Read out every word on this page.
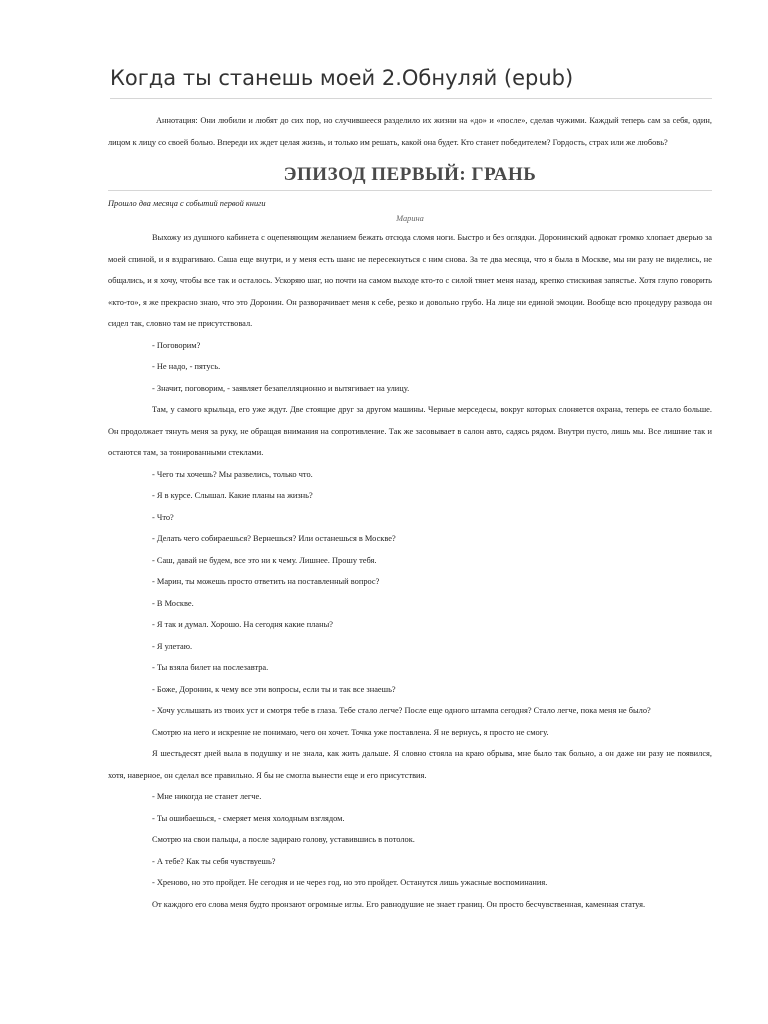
Когда ты станешь моей 2.Обнуляй (epub)

Аннотация: Они любили и любят до сих пор, но случившееся разделило их жизни на «до» и «после», сделав чужими. Каждый теперь сам за себя, один, лицом к лицу со своей болью. Впереди их ждет целая жизнь, и только им решать, какой она будет. Кто станет победителем? Гордость, страх или же любовь?

ЭПИЗОД ПЕРВЫЙ: ГРАНЬ

Прошло два месяца с событий первой книги

Марина

Выхожу из душного кабинета с оцепеняющим желанием бежать отсюда сломя ноги. Быстро и без оглядки. Доронинский адвокат громко хлопает дверью за моей спиной, и я вздрагиваю. Саша еще внутри, и у меня есть шанс не пересекнуться с ним снова. За те два месяца, что я была в Москве, мы ни разу не виделись, не общались, и я хочу, чтобы все так и осталось. Ускоряю шаг, но почти на самом выходе кто-то с силой тянет меня назад, крепко стискивая запястье. Хотя глупо говорить «кто-то», я же прекрасно знаю, что это Доронин. Он разворачивает меня к себе, резко и довольно грубо. На лице ни единой эмоции. Вообще всю процедуру развода он сидел так, словно там не присутствовал.

- Поговорим?

- Не надо, - пятусь.

- Значит, поговорим, - заявляет безапелляционно и вытягивает на улицу.

Там, у самого крыльца, его уже ждут. Две стоящие друг за другом машины. Черные мерседесы, вокруг которых слоняется охрана, теперь ее стало больше. Он продолжает тянуть меня за руку, не обращая внимания на сопротивление. Так же засовывает в салон авто, садясь рядом. Внутри пусто, лишь мы. Все лишние так и остаются там, за тонированными стеклами.

- Чего ты хочешь? Мы развелись, только что.

- Я в курсе. Слышал. Какие планы на жизнь?

- Что?

- Делать чего собираешься? Вернешься? Или останешься в Москве?

- Саш, давай не будем, все это ни к чему. Лишнее. Прошу тебя.

- Марин, ты можешь просто ответить на поставленный вопрос?

- В Москве.

- Я так и думал. Хорошо. На сегодня какие планы?

- Я улетаю.

- Ты взяла билет на послезавтра.

- Боже, Доронин, к чему все эти вопросы, если ты и так все знаешь?

- Хочу услышать из твоих уст и смотря тебе в глаза. Тебе стало легче? После еще одного штампа сегодня? Стало легче, пока меня не было?

Смотрю на него и искренне не понимаю, чего он хочет. Точка уже поставлена. Я не вернусь, я просто не смогу.

Я шестьдесят дней выла в подушку и не знала, как жить дальше. Я словно стояла на краю обрыва, мне было так больно, а он даже ни разу не появился, хотя, наверное, он сделал все правильно. Я бы не смогла вынести еще и его присутствия.

- Мне никогда не станет легче.

- Ты ошибаешься, - смеряет меня холодным взглядом.

Смотрю на свои пальцы, а после задираю голову, уставившись в потолок.

- А тебе? Как ты себя чувствуешь?

- Хреново, но это пройдет. Не сегодня и не через год, но это пройдет. Останутся лишь ужасные воспоминания.

От каждого его слова меня будто пронзают огромные иглы. Его равнодушие не знает границ. Он просто бесчувственная, каменная статуя.
